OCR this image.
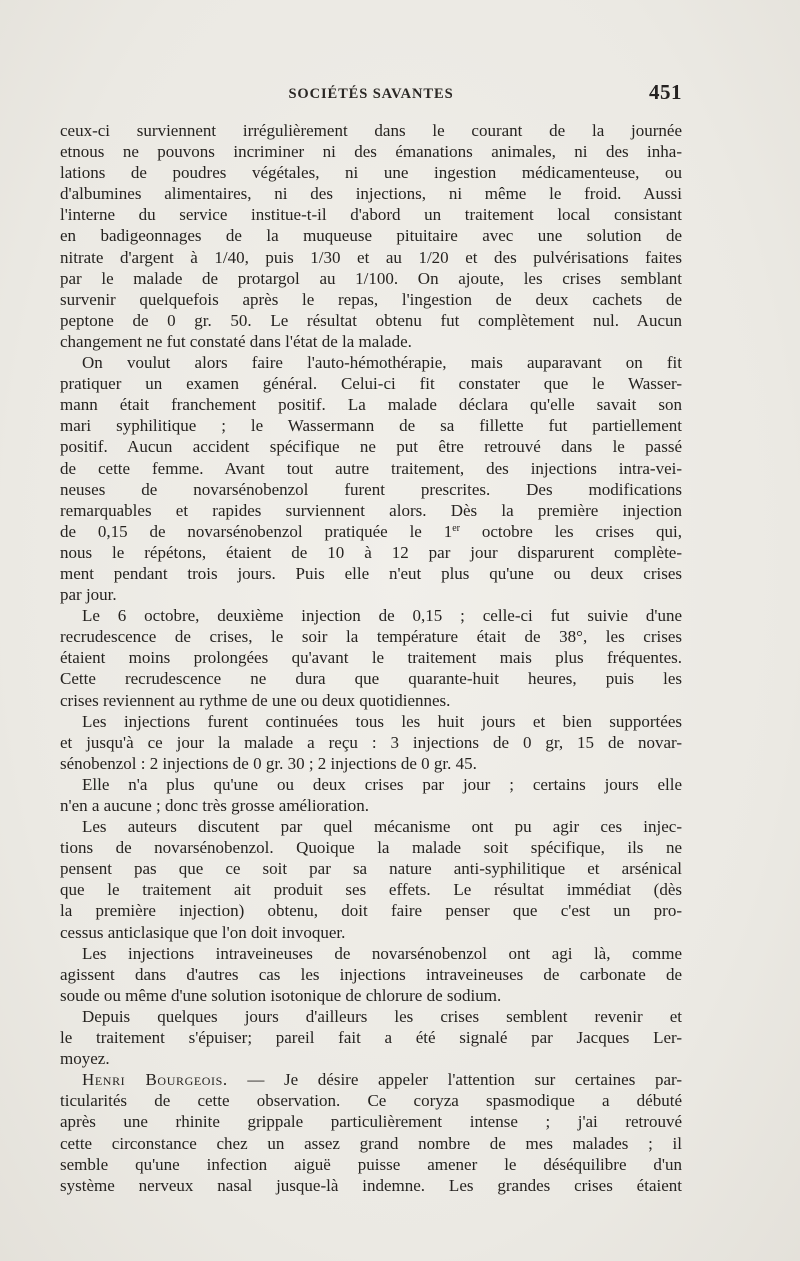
SOCIÉTÉS SAVANTES	451
ceux-ci surviennent irrégulièrement dans le courant de la journée
etnous ne pouvons incriminer ni des émanations animales, ni des inha-
lations de poudres végétales, ni une ingestion médicamenteuse, ou
d'albumines alimentaires, ni des injections, ni même le froid. Aussi
l'interne du service institue-t-il d'abord un traitement local consistant
en badigeonnages de la muqueuse pituitaire avec une solution de
nitrate d'argent à 1/40, puis 1/30 et au 1/20 et des pulvérisations faites
par le malade de protargol au 1/100. On ajoute, les crises semblant
survenir quelquefois après le repas, l'ingestion de deux cachets de
peptone de 0 gr. 50. Le résultat obtenu fut complètement nul. Aucun
changement ne fut constaté dans l'état de la malade.
On voulut alors faire l'auto-hémothérapie, mais auparavant on fit
pratiquer un examen général. Celui-ci fit constater que le Wasser-
mann était franchement positif. La malade déclara qu'elle savait son
mari syphilitique ; le Wassermann de sa fillette fut partiellement
positif. Aucun accident spécifique ne put être retrouvé dans le passé
de cette femme. Avant tout autre traitement, des injections intra-vei-
neuses de novarsénobenzol furent prescrites. Des modifications
remarquables et rapides surviennent alors. Dès la première injection
de 0,15 de novarsénobenzol pratiquée le 1er octobre les crises qui,
nous le répétons, étaient de 10 à 12 par jour disparurent complète-
ment pendant trois jours. Puis elle n'eut plus qu'une ou deux crises
par jour.
Le 6 octobre, deuxième injection de 0,15 ; celle-ci fut suivie d'une
recrudescence de crises, le soir la température était de 38°, les crises
étaient moins prolongées qu'avant le traitement mais plus fréquentes.
Cette recrudescence ne dura que quarante-huit heures, puis les
crises reviennent au rythme de une ou deux quotidiennes.
Les injections furent continuées tous les huit jours et bien supportées
et jusqu'à ce jour la malade a reçu : 3 injections de 0 gr, 15 de novar-
sénobenzol : 2 injections de 0 gr. 30 ; 2 injections de 0 gr. 45.
Elle n'a plus qu'une ou deux crises par jour ; certains jours elle
n'en a aucune ; donc très grosse amélioration.
Les auteurs discutent par quel mécanisme ont pu agir ces injec-
tions de novarsénobenzol. Quoique la malade soit spécifique, ils ne
pensent pas que ce soit par sa nature anti-syphilitique et arsénical
que le traitement ait produit ses effets. Le résultat immédiat (dès
la première injection) obtenu, doit faire penser que c'est un pro-
cessus anticlasique que l'on doit invoquer.
Les injections intraveineuses de novarsénobenzol ont agi là, comme
agissent dans d'autres cas les injections intraveineuses de carbonate de
soude ou même d'une solution isotonique de chlorure de sodium.
Depuis quelques jours d'ailleurs les crises semblent revenir et
le traitement s'épuiser; pareil fait a été signalé par Jacques Ler-
moyez.
Henri Bourgeois. — Je désire appeler l'attention sur certaines par-
ticularités de cette observation. Ce coryza spasmodique a débuté
après une rhinite grippale particulièrement intense ; j'ai retrouvé
cette circonstance chez un assez grand nombre de mes malades ; il
semble qu'une infection aiguë puisse amener le déséquilibre d'un
système nerveux nasal jusque-là indemne. Les grandes crises étaient
